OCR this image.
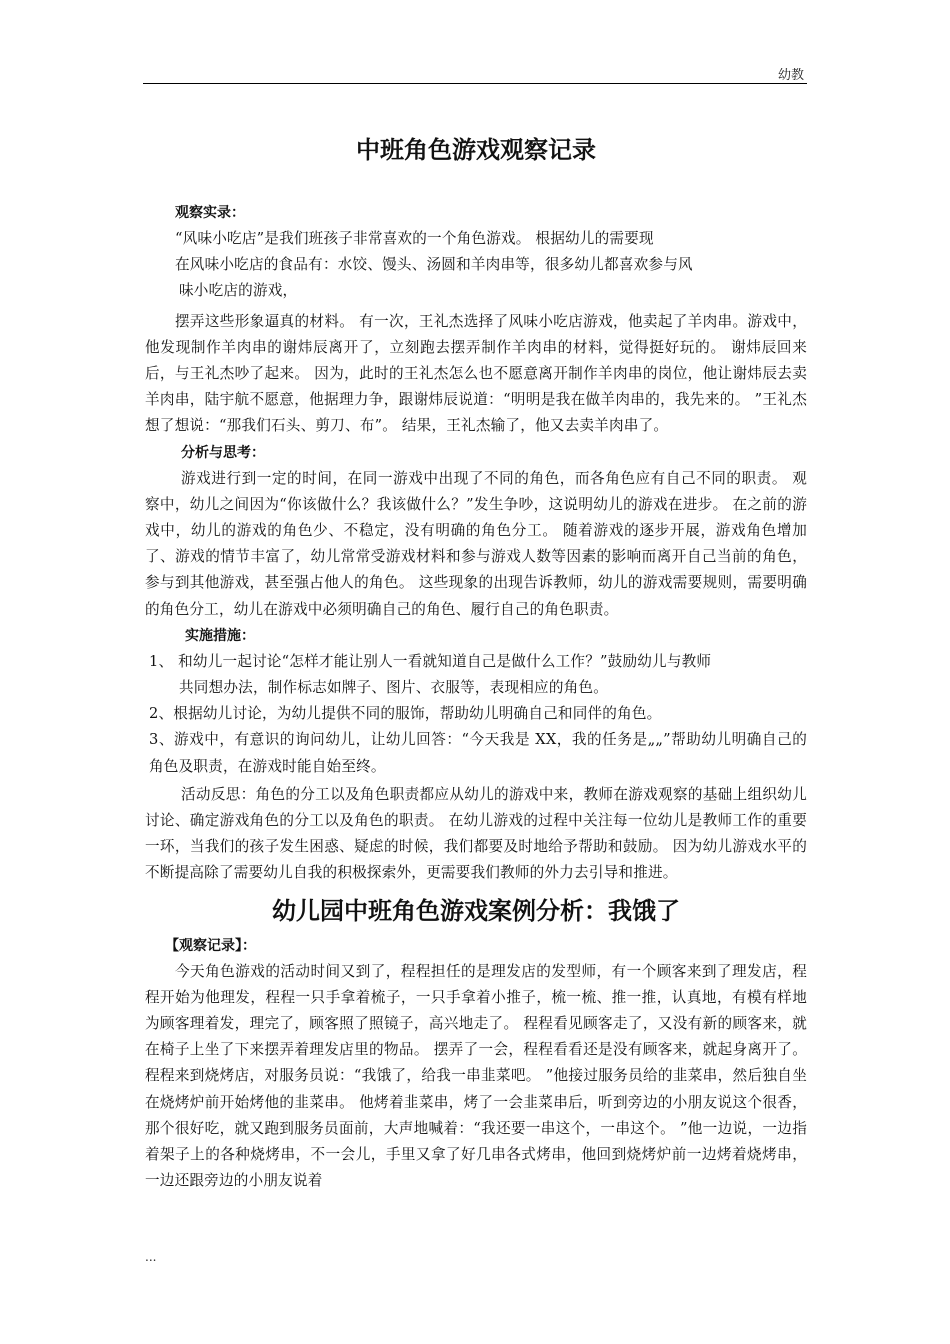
幼教
中班角色游戏观察记录

观察实录：

“风味小吃店”是我们班孩子非常喜欢的一个角色游戏。 根据幼儿的需要现

在风味小吃店的食品有：水饺、馒头、汤圆和羊肉串等，很多幼儿都喜欢参与风

味小吃店的游戏，

摆弄这些形象逼真的材料。 有一次，王礼杰选择了风味小吃店游戏，他卖起了羊肉串。游戏中，他发现制作羊肉串的谢炜辰离开了，立刻跑去摆弄制作羊肉串的材料，觉得挺好玩的。 谢炜辰回来后，与王礼杰吵了起来。 因为，此时的王礼杰怎么也不愿意离开制作羊肉串的岗位，他让谢炜辰去卖羊肉串，陆宇航不愿意，他据理力争，跟谢炜辰说道：“明明是我在做羊肉串的，我先来的。 ”王礼杰想了想说：“那我们石头、剪刀、布”。 结果，王礼杰输了，他又去卖羊肉串了。

分析与思考：

游戏进行到一定的时间，在同一游戏中出现了不同的角色，而各角色应有自己不同的职责。 观察中，幼儿之间因为“你该做什么？我该做什么？”发生争吵，这说明幼儿的游戏在进步。 在之前的游戏中，幼儿的游戏的角色少、不稳定，没有明确的角色分工。 随着游戏的逐步开展，游戏角色增加了、游戏的情节丰富了，幼儿常常受游戏材料和参与游戏人数等因素的影响而离开自己当前的角色，参与到其他游戏，甚至强占他人的角色。 这些现象的出现告诉教师，幼儿的游戏需要规则，需要明确的角色分工，幼儿在游戏中必须明确自己的角色、履行自己的角色职责。

实施措施：

1、 和幼儿一起讨论“怎样才能让别人一看就知道自己是做什么工作？”鼓励幼儿与教师

共同想办法，制作标志如牌子、图片、衣服等，表现相应的角色。

2、根据幼儿讨论，为幼儿提供不同的服饰，帮助幼儿明确自己和同伴的角色。

3、游戏中，有意识的询问幼儿，让幼儿回答：“今天我是 XX，我的任务是„„”帮助幼儿明确自己的角色及职责，在游戏时能自始至终。

活动反思：角色的分工以及角色职责都应从幼儿的游戏中来，教师在游戏观察的基础上组织幼儿讨论、确定游戏角色的分工以及角色的职责。 在幼儿游戏的过程中关注每一位幼儿是教师工作的重要一环，当我们的孩子发生困惑、疑虑的时候，我们都要及时地给予帮助和鼓励。 因为幼儿游戏水平的不断提高除了需要幼儿自我的积极探索外，更需要我们教师的外力去引导和推进。

幼儿园中班角色游戏案例分析：我饿了

【观察记录】：

今天角色游戏的活动时间又到了，程程担任的是理发店的发型师，有一个顾客来到了理发店，程程开始为他理发，程程一只手拿着梳子，一只手拿着小推子，梳一梳、推一推，认真地，有模有样地为顾客理着发，理完了，顾客照了照镜子，高兴地走了。 程程看见顾客走了，又没有新的顾客来，就在椅子上坐了下来摆弄着理发店里的物品。 摆弄了一会，程程看看还是没有顾客来，就起身离开了。 程程来到烧烤店，对服务员说：“我饿了，给我一串韭菜吧。 ”他接过服务员给的韭菜串，然后独自坐在烧烤炉前开始烤他的韭菜串。 他烤着韭菜串，烤了一会韭菜串后，听到旁边的小朋友说这个很香，那个很好吃，就又跑到服务员面前，大声地喊着：“我还要一串这个，一串这个。 ”他一边说，一边指着架子上的各种烧烤串，不一会儿，手里又拿了好几串各式烤串，他回到烧烤炉前一边烤着烧烤串，一边还跟旁边的小朋友说着

...
